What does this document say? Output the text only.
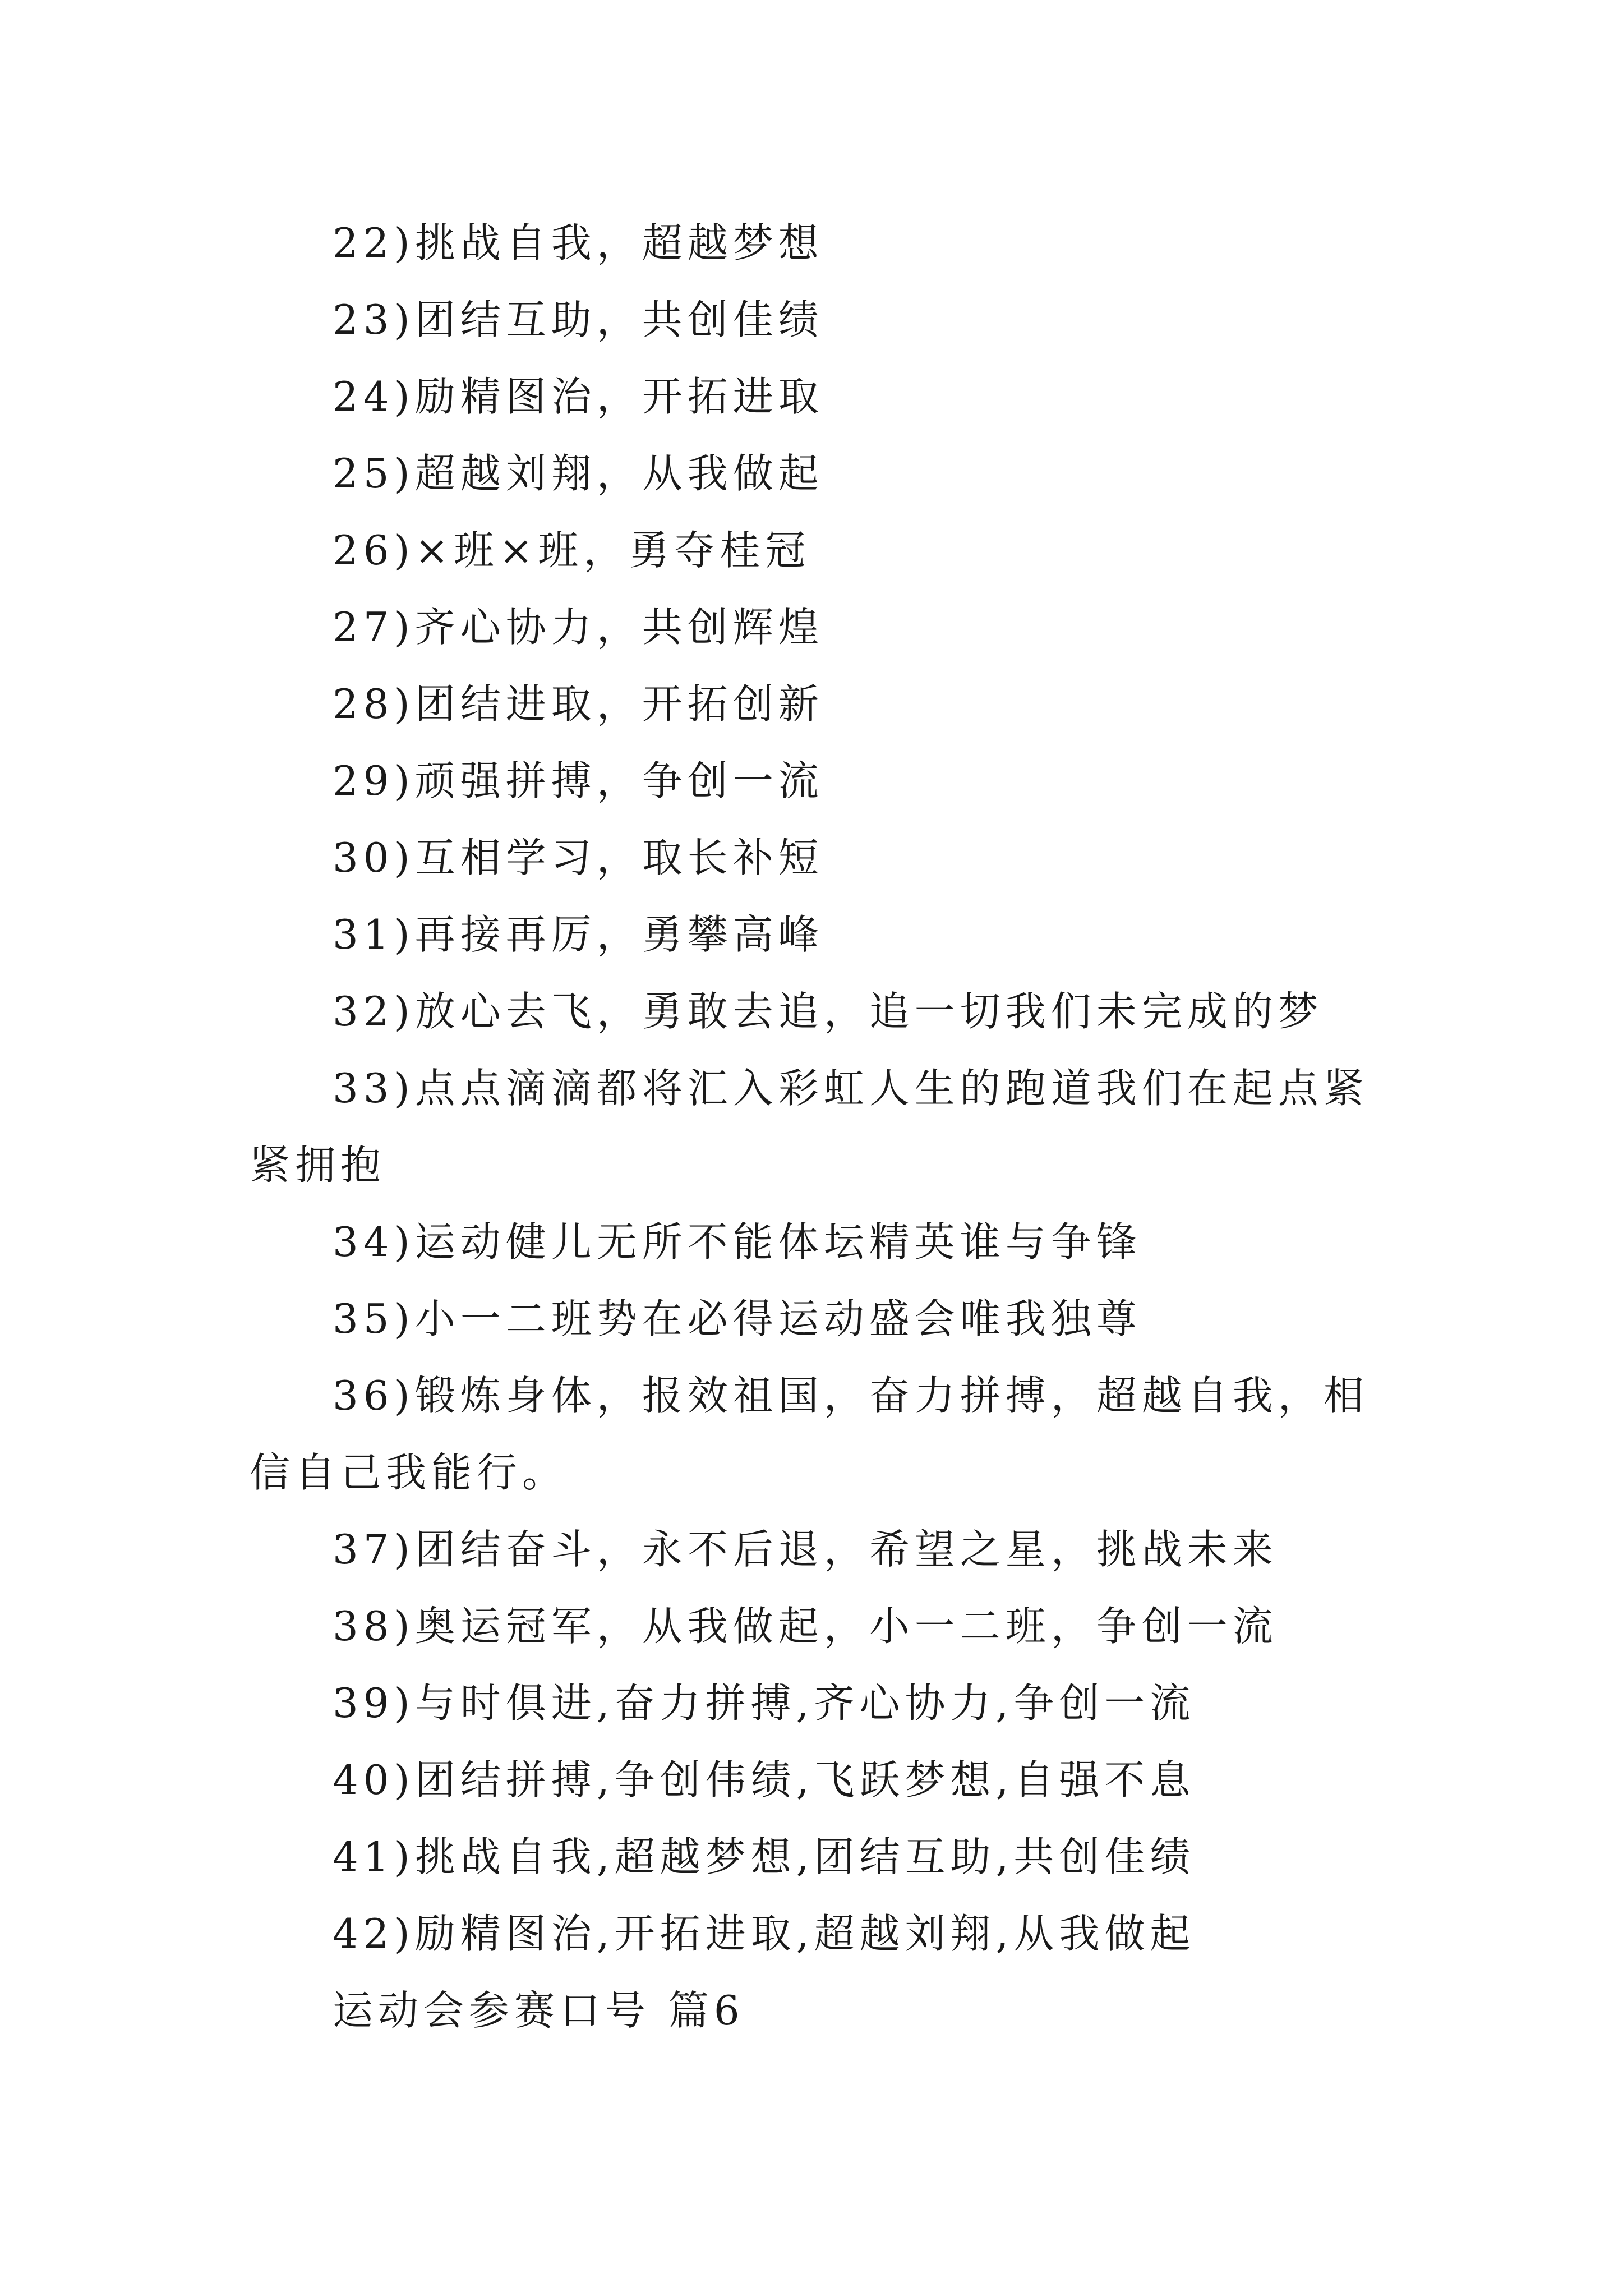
22)挑战自我，超越梦想

23)团结互助，共创佳绩

24)励精图治，开拓进取

25)超越刘翔，从我做起

26)×班×班，勇夺桂冠

27)齐心协力，共创辉煌

28)团结进取，开拓创新

29)顽强拼搏，争创一流

30)互相学习，取长补短

31)再接再厉，勇攀高峰

32)放心去飞，勇敢去追，追一切我们未完成的梦

33)点点滴滴都将汇入彩虹人生的跑道我们在起点紧紧拥抱

34)运动健儿无所不能体坛精英谁与争锋

35)小一二班势在必得运动盛会唯我独尊

36)锻炼身体，报效祖国，奋力拼搏，超越自我，相信自己我能行。

37)团结奋斗，永不后退，希望之星，挑战未来

38)奥运冠军，从我做起，小一二班，争创一流

39)与时俱进,奋力拼搏,齐心协力,争创一流

40)团结拼搏,争创伟绩,飞跃梦想,自强不息

41)挑战自我,超越梦想,团结互助,共创佳绩

42)励精图治,开拓进取,超越刘翔,从我做起

运动会参赛口号 篇6
